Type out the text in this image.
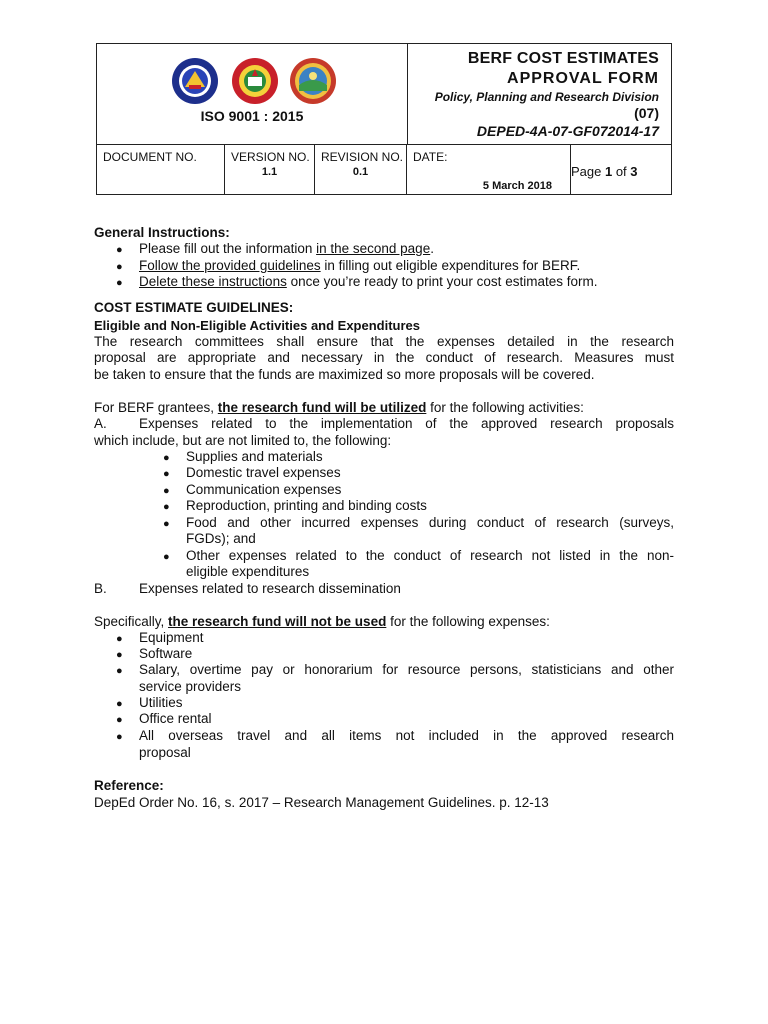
ISO 9001 : 2015
BERF COST ESTIMATES
APPROVAL FORM
Policy, Planning and Research Division
(07)
DEPED-4A-07-GF072014-17
DOCUMENT NO.	VERSION NO.
1.1
REVISION NO.
0.1
DATE:
5 March 2018
Page 1 of 3
General Instructions:
● Please fill out the information in the second page.
● Follow the provided guidelines in filling out eligible expenditures for BERF.
● Delete these instructions once you’re ready to print your cost estimates form.
COST ESTIMATE GUIDELINES:
Eligible and Non-Eligible Activities and Expenditures
The research committees shall ensure that the expenses detailed in the research
proposal are appropriate and necessary in the conduct of research. Measures must
be taken to ensure that the funds are maximized so more proposals will be covered.
For BERF grantees, the research fund will be utilized for the following activities:
A. Expenses related to the implementation of the approved research proposals
which include, but are not limited to, the following:
● Supplies and materials
● Domestic travel expenses
● Communication expenses
● Reproduction, printing and binding costs
● Food and other incurred expenses during conduct of research (surveys,
FGDs); and
● Other expenses related to the conduct of research not listed in the non-
eligible expenditures
B. Expenses related to research dissemination
Specifically, the research fund will not be used for the following expenses:
● Equipment
● Software
● Salary, overtime pay or honorarium for resource persons, statisticians and other
service providers
● Utilities
● Office rental
● All overseas travel and all items not included in the approved research
proposal
Reference:
DepEd Order No. 16, s. 2017 – Research Management Guidelines. p. 12-13
